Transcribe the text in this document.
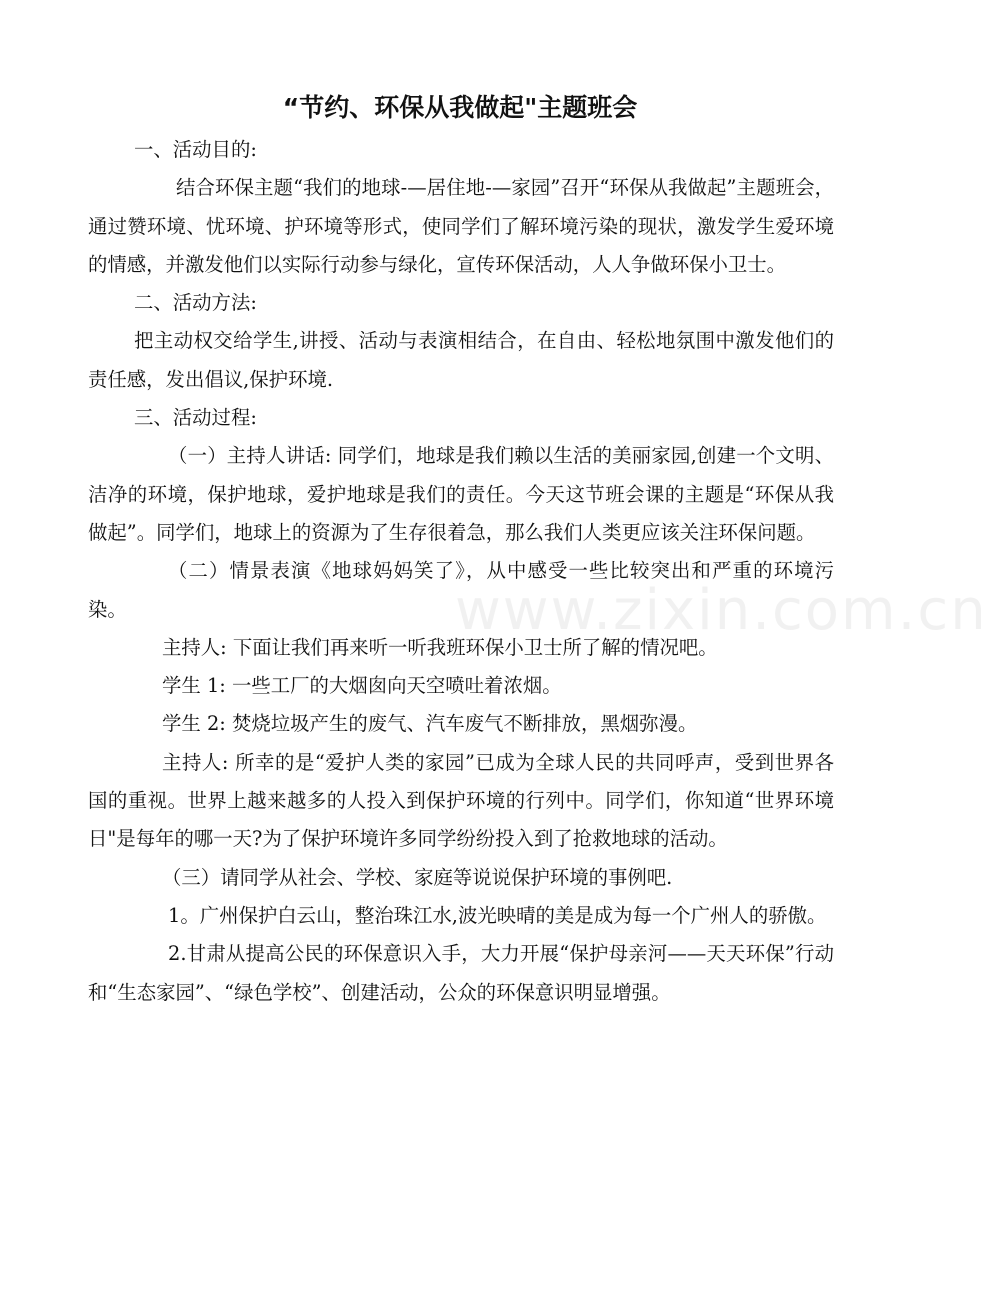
“节约、环保从我做起"主题班会

一、活动目的:

结合环保主题“我们的地球-—居住地-—家园”召开“环保从我做起”主题班会，通过赞环境、忧环境、护环境等形式，使同学们了解环境污染的现状，激发学生爱环境的情感，并激发他们以实际行动参与绿化，宣传环保活动，人人争做环保小卫士。

二、活动方法:

把主动权交给学生,讲授、活动与表演相结合，在自由、轻松地氛围中激发他们的责任感，发出倡议,保护环境.

三、活动过程:

（一）主持人讲话: 同学们，地球是我们赖以生活的美丽家园,创建一个文明、洁净的环境，保护地球，爱护地球是我们的责任。今天这节班会课的主题是“环保从我做起”。同学们，地球上的资源为了生存很着急，那么我们人类更应该关注环保问题。

（二）情景表演《地球妈妈笑了》，从中感受一些比较突出和严重的环境污染。

主持人: 下面让我们再来听一听我班环保小卫士所了解的情况吧。

学生 1: 一些工厂的大烟囱向天空喷吐着浓烟。

学生 2: 焚烧垃圾产生的废气、汽车废气不断排放，黑烟弥漫。

主持人: 所幸的是“爱护人类的家园”已成为全球人民的共同呼声，受到世界各国的重视。世界上越来越多的人投入到保护环境的行列中。同学们，你知道“世界环境日"是每年的哪一天?为了保护环境许多同学纷纷投入到了抢救地球的活动。

（三）请同学从社会、学校、家庭等说说保护环境的事例吧.

1。广州保护白云山，整治珠江水,波光映晴的美是成为每一个广州人的骄傲。

2.甘肃从提高公民的环保意识入手，大力开展“保护母亲河——天天环保”行动和“生态家园”、“绿色学校”、创建活动，公众的环保意识明显增强。

www.zixin.com.cn
